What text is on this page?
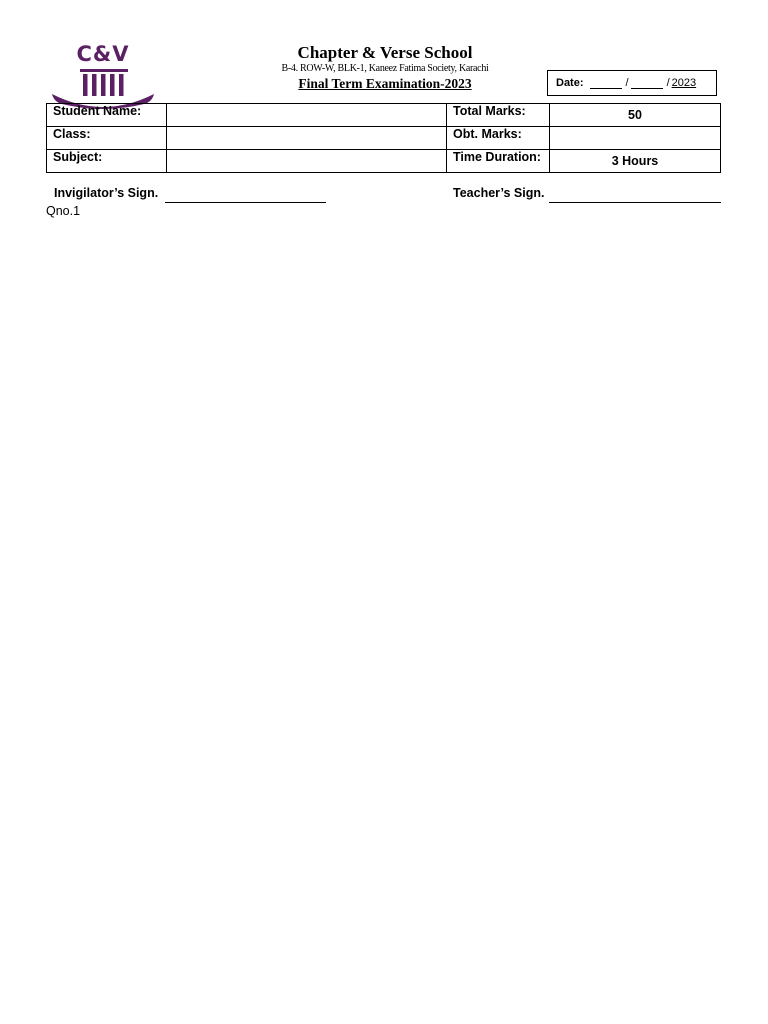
C&V	Chapter & Verse School
B-4. ROW-W, BLK-1, Kaneez Fatima Society, Karachi
Final Term Examination-2023	Date:	/	/ 2023
Student Name:		Total Marks:	50
Class:		Obt. Marks:	
Subject:		Time Duration:	3 Hours
Invigilator’s Sign.	Teacher’s Sign.
Qno.1
